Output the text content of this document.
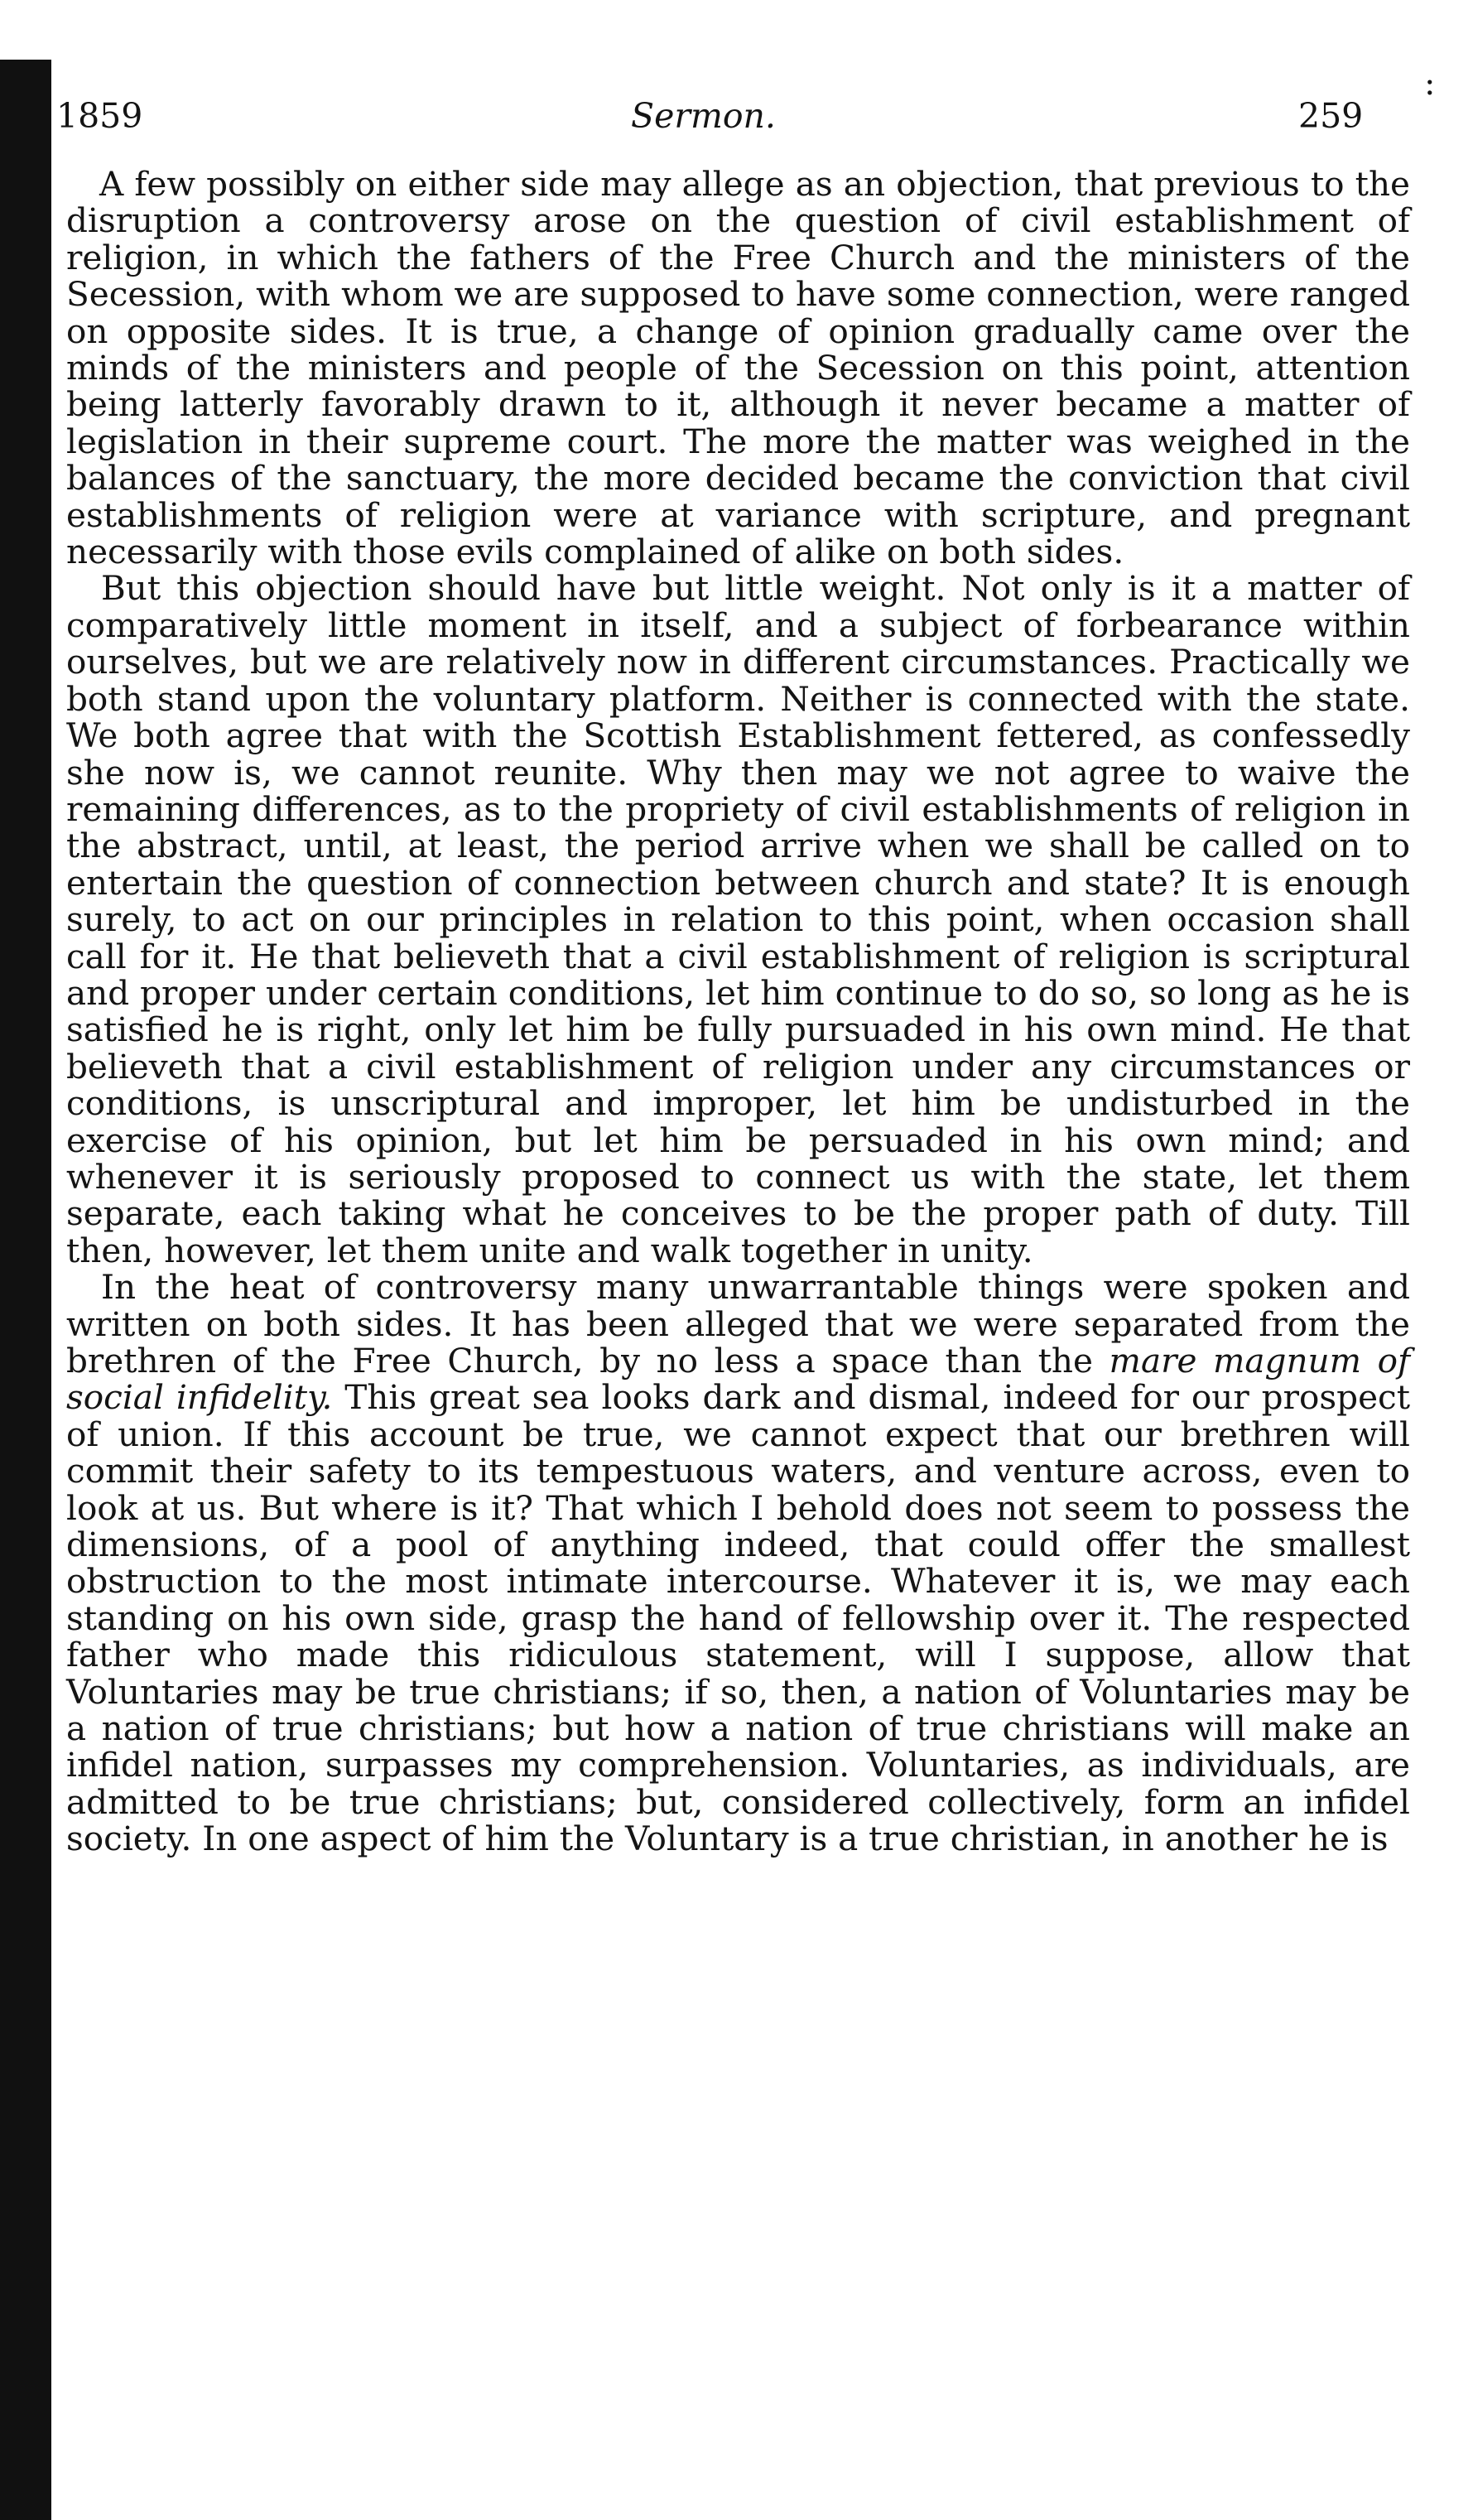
1859	Sermon.	259
:

A few possibly on either side may allege as an objection, that previous to the disruption a controversy arose on the question of civil establishment of religion, in which the fathers of the Free Church and the ministers of the Secession, with whom we are supposed to have some connection, were ranged on opposite sides. It is true, a change of opinion gradually came over the minds of the ministers and people of the Secession on this point, attention being latterly favorably drawn to it, although it never became a matter of legislation in their supreme court. The more the matter was weighed in the balances of the sanctuary, the more decided became the conviction that civil establishments of religion were at variance with scripture, and pregnant necessarily with those evils complained of alike on both sides.

But this objection should have but little weight. Not only is it a matter of comparatively little moment in itself, and a subject of forbearance within ourselves, but we are relatively now in different circumstances. Practically we both stand upon the voluntary platform. Neither is connected with the state. We both agree that with the Scottish Establishment fettered, as confessedly she now is, we cannot reunite. Why then may we not agree to waive the remaining differences, as to the propriety of civil establishments of religion in the abstract, until, at least, the period arrive when we shall be called on to entertain the question of connection between church and state? It is enough surely, to act on our principles in relation to this point, when occasion shall call for it. He that believeth that a civil establishment of religion is scriptural and proper under certain conditions, let him continue to do so, so long as he is satisfied he is right, only let him be fully pursuaded in his own mind. He that believeth that a civil establishment of religion under any circumstances or conditions, is unscriptural and improper, let him be undisturbed in the exercise of his opinion, but let him be persuaded in his own mind; and whenever it is seriously proposed to connect us with the state, let them separate, each taking what he conceives to be the proper path of duty. Till then, however, let them unite and walk together in unity.

In the heat of controversy many unwarrantable things were spoken and written on both sides. It has been alleged that we were separated from the brethren of the Free Church, by no less a space than the mare magnum of social infidelity. This great sea looks dark and dismal, indeed for our prospect of union. If this account be true, we cannot expect that our brethren will commit their safety to its tempestuous waters, and venture across, even to look at us. But where is it? That which I behold does not seem to possess the dimensions, of a pool of anything indeed, that could offer the smallest obstruction to the most intimate intercourse. Whatever it is, we may each standing on his own side, grasp the hand of fellowship over it. The respected father who made this ridiculous statement, will I suppose, allow that Voluntaries may be true christians; if so, then, a nation of Voluntaries may be a nation of true christians; but how a nation of true christians will make an infidel nation, surpasses my comprehension. Voluntaries, as individuals, are admitted to be true christians; but, considered collectively, form an infidel society. In one aspect of him the Voluntary is a true christian, in another he is
